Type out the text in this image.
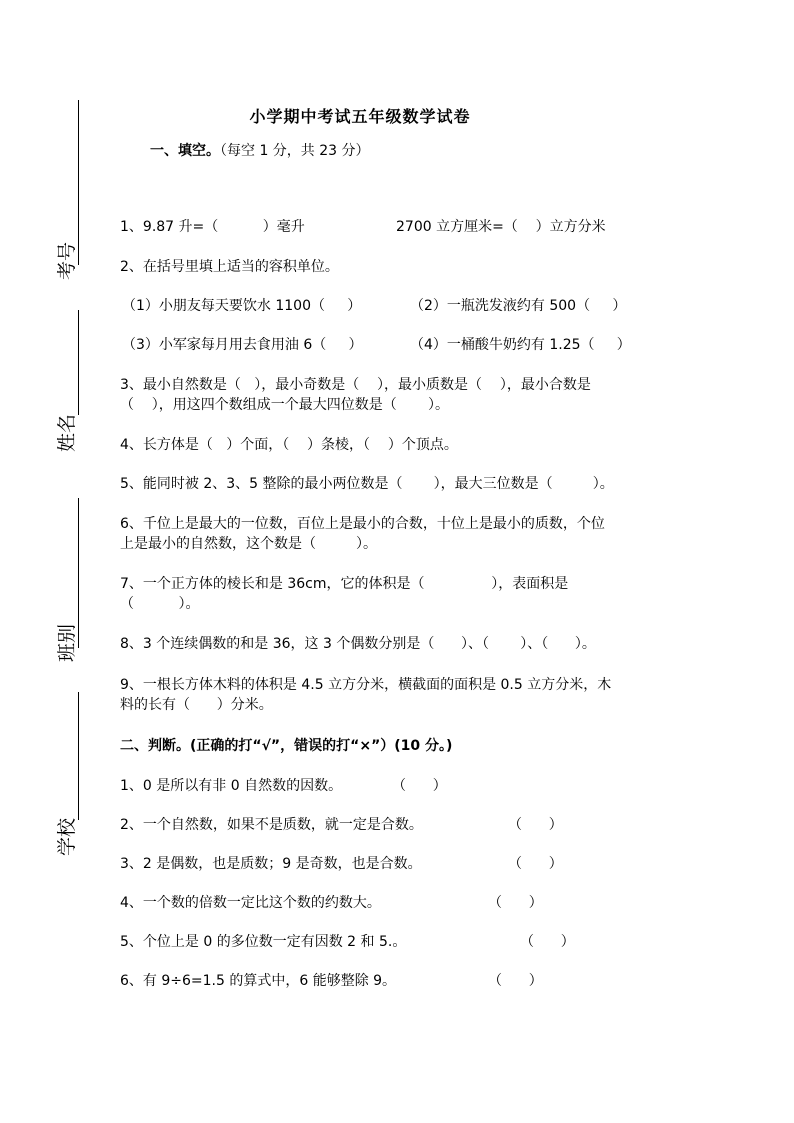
考号
姓名
班别
学校
小学期中考试五年级数学试卷
一、填空。（每空 1 分，共 23 分）
1、9.87 升=（          ）毫升	2700 立方厘米=（    ）立方分米
2、在括号里填上适当的容积单位。
（1）小朋友每天要饮水 1100（     ）	（2）一瓶洗发液约有 500（     ）
（3）小军家每月用去食用油 6（     ）	（4）一桶酸牛奶约有 1.25（     ）
3、最小自然数是（   ），最小奇数是（    ），最小质数是（    ），最小合数是
（    ），用这四个数组成一个最大四位数是（       ）。
4、长方体是（   ）个面，（    ）条棱，（    ）个顶点。
5、能同时被 2、3、5 整除的最小两位数是（       ），最大三位数是（         ）。
6、千位上是最大的一位数，百位上是最小的合数，十位上是最小的质数，个位
上是最小的自然数，这个数是（         ）。
7、一个正方体的棱长和是 36cm，它的体积是（               ），表面积是
（          ）。
8、3 个连续偶数的和是 36，这 3 个偶数分别是（      ）、（       ）、（      ）。
9、一根长方体木料的体积是 4.5 立方分米，横截面的面积是 0.5 立方分米，木
料的长有（      ）分米。
二、判断。(正确的打“√”，错误的打“×”）(10 分。)
1、0 是所以有非 0 自然数的因数。	（      ）
2、一个自然数，如果不是质数，就一定是合数。	（      ）
3、2 是偶数，也是质数；9 是奇数，也是合数。	（      ）
4、一个数的倍数一定比这个数的约数大。	（      ）
5、个位上是 0 的多位数一定有因数 2 和 5.。	（      ）
6、有 9÷6=1.5 的算式中，6 能够整除 9。	（      ）
